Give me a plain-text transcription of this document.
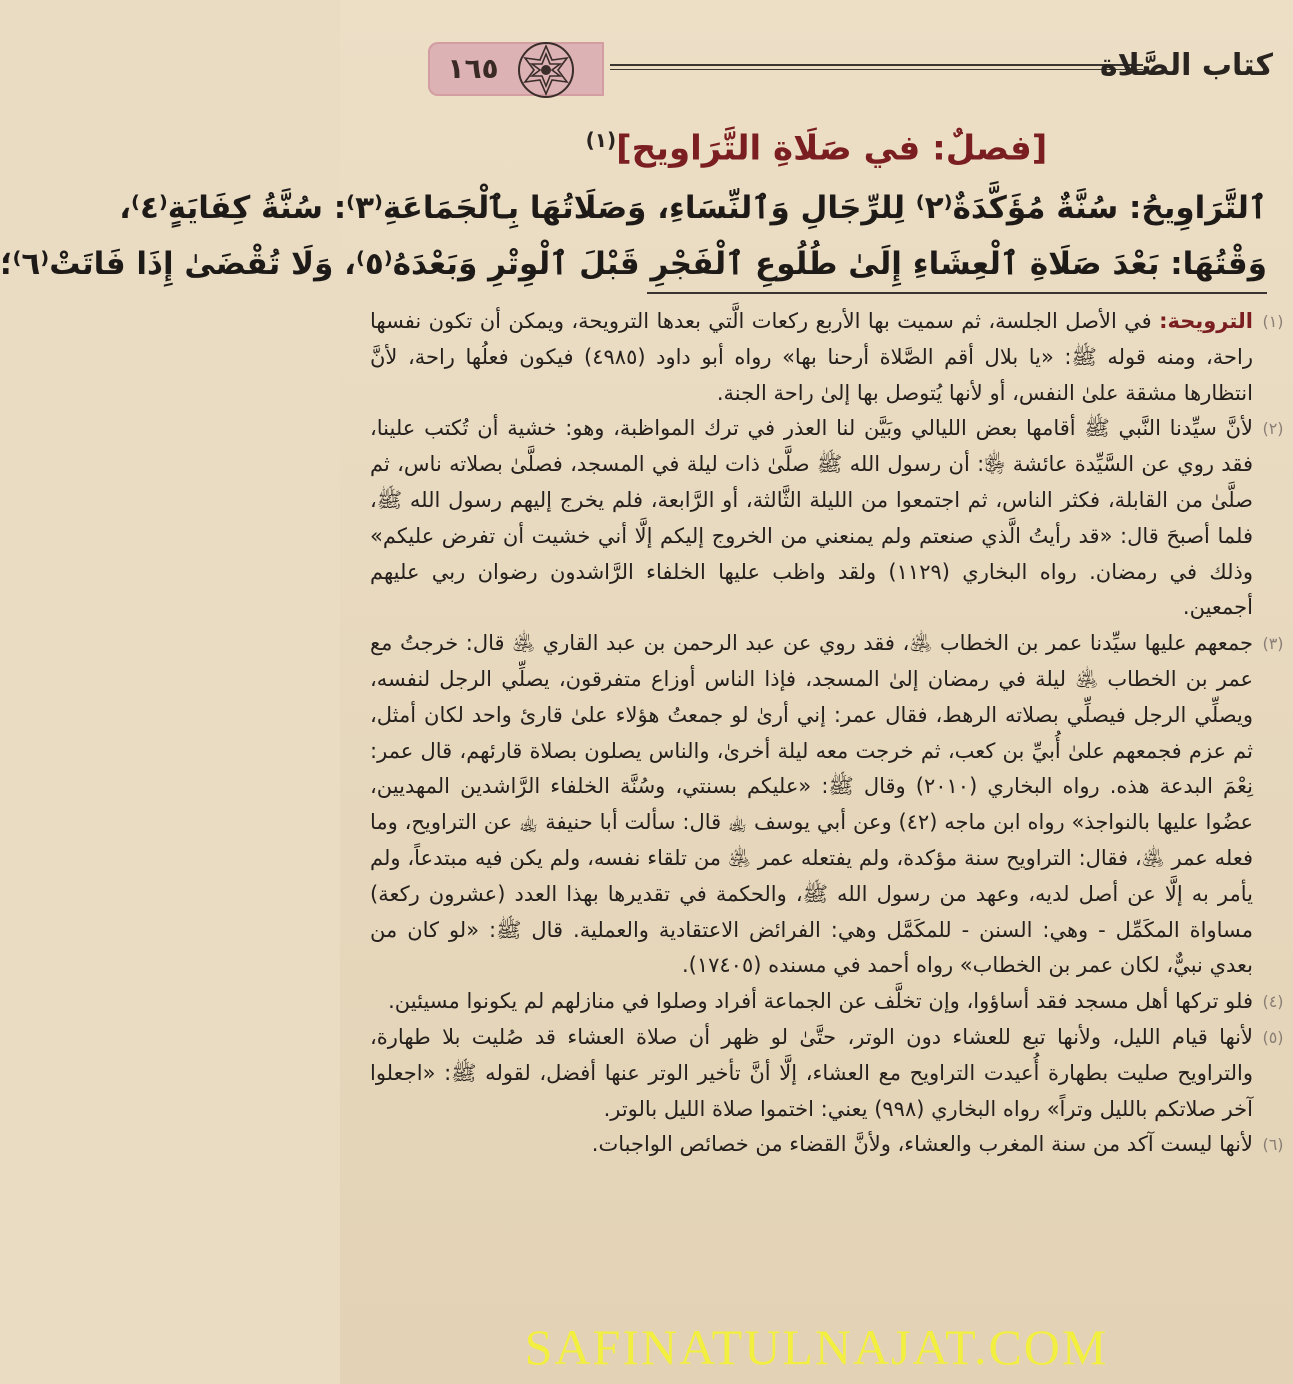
١٦٥	كتاب الصَّلاة
[فصلٌ: في صَلَاةِ التَّرَاويح]$^{(١)}$
ٱلتَّرَاوِيحُ: سُنَّةٌ مُؤَكَّدَةٌ⁽٢⁾ لِلرِّجَالِ وَٱلنِّسَاءِ، وَصَلَاتُهَا بِٱلْجَمَاعَةِ⁽٣⁾: سُنَّةُ كِفَايَةٍ⁽٤⁾،
وَقْتُهَا: بَعْدَ صَلَاةِ ٱلْعِشَاءِ إِلَىٰ طُلُوعِ ٱلْفَجْرِ قَبْلَ ٱلْوِتْرِ وَبَعْدَهُ⁽٥⁾، وَلَا تُقْضَىٰ إِذَا فَاتَتْ⁽٦⁾؛
(١)

الترويحة: في الأصل الجلسة، ثم سميت بها الأربع ركعات الَّتي بعدها الترويحة، ويمكن أن تكون نفسها راحة، ومنه قوله ﷺ: «يا بلال أقم الصَّلاة أرحنا بها» رواه أبو داود (٤٩٨٥) فيكون فعلُها راحة، لأنَّ انتظارها مشقة علىٰ النفس، أو لأنها يُتوصل بها إلىٰ راحة الجنة.

(٢)

لأنَّ سيِّدنا النَّبي ﷺ أقامها بعض الليالي وبَيَّن لنا العذر في ترك المواظبة، وهو: خشية أن تُكتب علينا، فقد روي عن السَّيِّدة عائشة ﵂: أن رسول الله ﷺ صلَّىٰ ذات ليلة في المسجد، فصلَّىٰ بصلاته ناس، ثم صلَّىٰ من القابلة، فكثر الناس، ثم اجتمعوا من الليلة الثَّالثة، أو الرَّابعة، فلم يخرج إليهم رسول الله ﷺ، فلما أصبحَ قال: «قد رأيتُ الَّذي صنعتم ولم يمنعني من الخروج إليكم إلَّا أني خشيت أن تفرض عليكم» وذلك في رمضان. رواه البخاري (١١٢٩) ولقد واظب عليها الخلفاء الرَّاشدون رضوان ربي عليهم أجمعين.

(٣)

جمعهم عليها سيِّدنا عمر بن الخطاب ﵁، فقد روي عن عبد الرحمن بن عبد القاري ﵁ قال: خرجتُ مع عمر بن الخطاب ﵁ ليلة في رمضان إلىٰ المسجد، فإذا الناس أوزاع متفرقون، يصلِّي الرجل لنفسه، ويصلِّي الرجل فيصلِّي بصلاته الرهط، فقال عمر: إني أرىٰ لو جمعتُ هؤلاء علىٰ قارئ واحد لكان أمثل، ثم عزم فجمعهم علىٰ أُبيِّ بن كعب، ثم خرجت معه ليلة أخرىٰ، والناس يصلون بصلاة قارئهم، قال عمر: نِعْمَ البدعة هذه. رواه البخاري (٢٠١٠) وقال ﷺ: «عليكم بسنتي، وسُنَّة الخلفاء الرَّاشدين المهديين، عضُوا عليها بالنواجذ» رواه ابن ماجه (٤٢) وعن أبي يوسف ﵀ قال: سألت أبا حنيفة ﵀ عن التراويح، وما فعله عمر ﵁، فقال: التراويح سنة مؤكدة، ولم يفتعله عمر ﵁ من تلقاء نفسه، ولم يكن فيه مبتدعاً، ولم يأمر به إلَّا عن أصل لديه، وعهد من رسول الله ﷺ، والحكمة في تقديرها بهذا العدد (عشرون ركعة) مساواة المكَمِّل - وهي: السنن - للمكَمَّل وهي: الفرائض الاعتقادية والعملية. قال ﷺ: «لو كان من بعدي نبيٌّ، لكان عمر بن الخطاب» رواه أحمد في مسنده (١٧٤٠٥).

(٤)

فلو تركها أهل مسجد فقد أساؤوا، وإن تخلَّف عن الجماعة أفراد وصلوا في منازلهم لم يكونوا مسيئين.

(٥)

لأنها قيام الليل، ولأنها تبع للعشاء دون الوتر، حتَّىٰ لو ظهر أن صلاة العشاء قد صُليت بلا طهارة، والتراويح صليت بطهارة أُعيدت التراويح مع العشاء، إلَّا أنَّ تأخير الوتر عنها أفضل، لقوله ﷺ: «اجعلوا آخر صلاتكم بالليل وتراً» رواه البخاري (٩٩٨) يعني: اختموا صلاة الليل بالوتر.

(٦)

لأنها ليست آكد من سنة المغرب والعشاء، ولأنَّ القضاء من خصائص الواجبات.

SAFINATULNAJAT.COM
